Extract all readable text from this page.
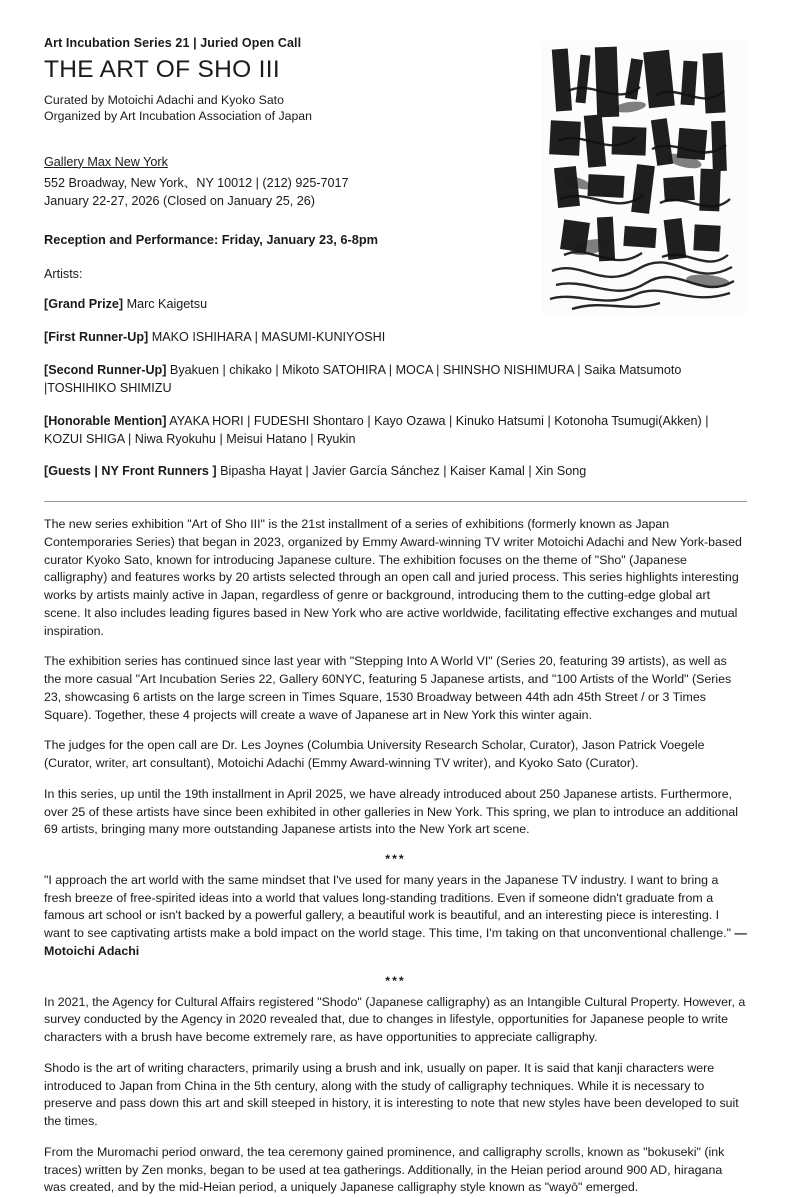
Art Incubation Series 21 | Juried Open Call
THE ART OF SHO III
Curated by Motoichi Adachi and Kyoko Sato
Organized by Art Incubation Association of Japan
Gallery Max New York
552 Broadway, New York、NY 10012 | (212) 925-7017
January 22-27, 2026 (Closed on January 25, 26)
Reception and Performance: Friday, January 23, 6-8pm
Artists:
[Grand Prize] Marc Kaigetsu
[First Runner-Up] MAKO ISHIHARA | MASUMI-KUNIYOSHI
[Second Runner-Up] Byakuen | chikako | Mikoto SATOHIRA | MOCA | SHINSHO NISHIMURA | Saika Matsumoto |TOSHIHIKO SHIMIZU
[Honorable Mention] AYAKA HORI | FUDESHI Shontaro | Kayo Ozawa | Kinuko Hatsumi | Kotonoha Tsumugi(Akken) | KOZUI SHIGA | Niwa Ryokuhu | Meisui Hatano | Ryukin
[Guests | NY Front Runners ] Bipasha Hayat | Javier García Sánchez | Kaiser Kamal | Xin Song

The new series exhibition "Art of Sho III" is the 21st installment of a series of exhibitions (formerly known as Japan Contemporaries Series) that began in 2023, organized by Emmy Award-winning TV writer Motoichi Adachi and New York-based curator Kyoko Sato, known for introducing Japanese culture. The exhibition focuses on the theme of "Sho" (Japanese calligraphy) and features works by 20 artists selected through an open call and juried process. This series highlights interesting works by artists mainly active in Japan, regardless of genre or background, introducing them to the cutting-edge global art scene. It also includes leading figures based in New York who are active worldwide, facilitating effective exchanges and mutual inspiration.

The exhibition series has continued since last year with "Stepping Into A World VI" (Series 20, featuring 39 artists), as well as the more casual "Art Incubation Series 22, Gallery 60NYC, featuring 5 Japanese artists, and "100 Artists of the World" (Series 23, showcasing 6 artists on the large screen in Times Square, 1530 Broadway between 44th adn 45th Street / or 3 Times Square). Together, these 4 projects will create a wave of Japanese art in New York this winter again.

The judges for the open call are Dr. Les Joynes (Columbia University Research Scholar, Curator), Jason Patrick Voegele (Curator, writer, art consultant), Motoichi Adachi (Emmy Award-winning TV writer), and Kyoko Sato (Curator).

In this series, up until the 19th installment in April 2025, we have already introduced about 250 Japanese artists. Furthermore, over 25 of these artists have since been exhibited in other galleries in New York. This spring, we plan to introduce an additional 69 artists, bringing many more outstanding Japanese artists into the New York art scene.

***

"I approach the art world with the same mindset that I've used for many years in the Japanese TV industry. I want to bring a fresh breeze of free-spirited ideas into a world that values long-standing traditions. Even if someone didn't graduate from a famous art school or isn't backed by a powerful gallery, a beautiful work is beautiful, and an interesting piece is interesting. I want to see captivating artists make a bold impact on the world stage. This time, I'm taking on that unconventional challenge." — Motoichi Adachi

***

In 2021, the Agency for Cultural Affairs registered "Shodo" (Japanese calligraphy) as an Intangible Cultural Property. However, a survey conducted by the Agency in 2020 revealed that, due to changes in lifestyle, opportunities for Japanese people to write characters with a brush have become extremely rare, as have opportunities to appreciate calligraphy.

Shodo is the art of writing characters, primarily using a brush and ink, usually on paper. It is said that kanji characters were introduced to Japan from China in the 5th century, along with the study of calligraphy techniques. While it is necessary to preserve and pass down this art and skill steeped in history, it is interesting to note that new styles have been developed to suit the times.

From the Muromachi period onward, the tea ceremony gained prominence, and calligraphy scrolls, known as "bokuseki" (ink traces) written by Zen monks, began to be used at tea gatherings. Additionally, in the Heian period around 900 AD, hiragana was created, and by the mid-Heian period, a uniquely Japanese calligraphy style known as "wayō" emerged.
